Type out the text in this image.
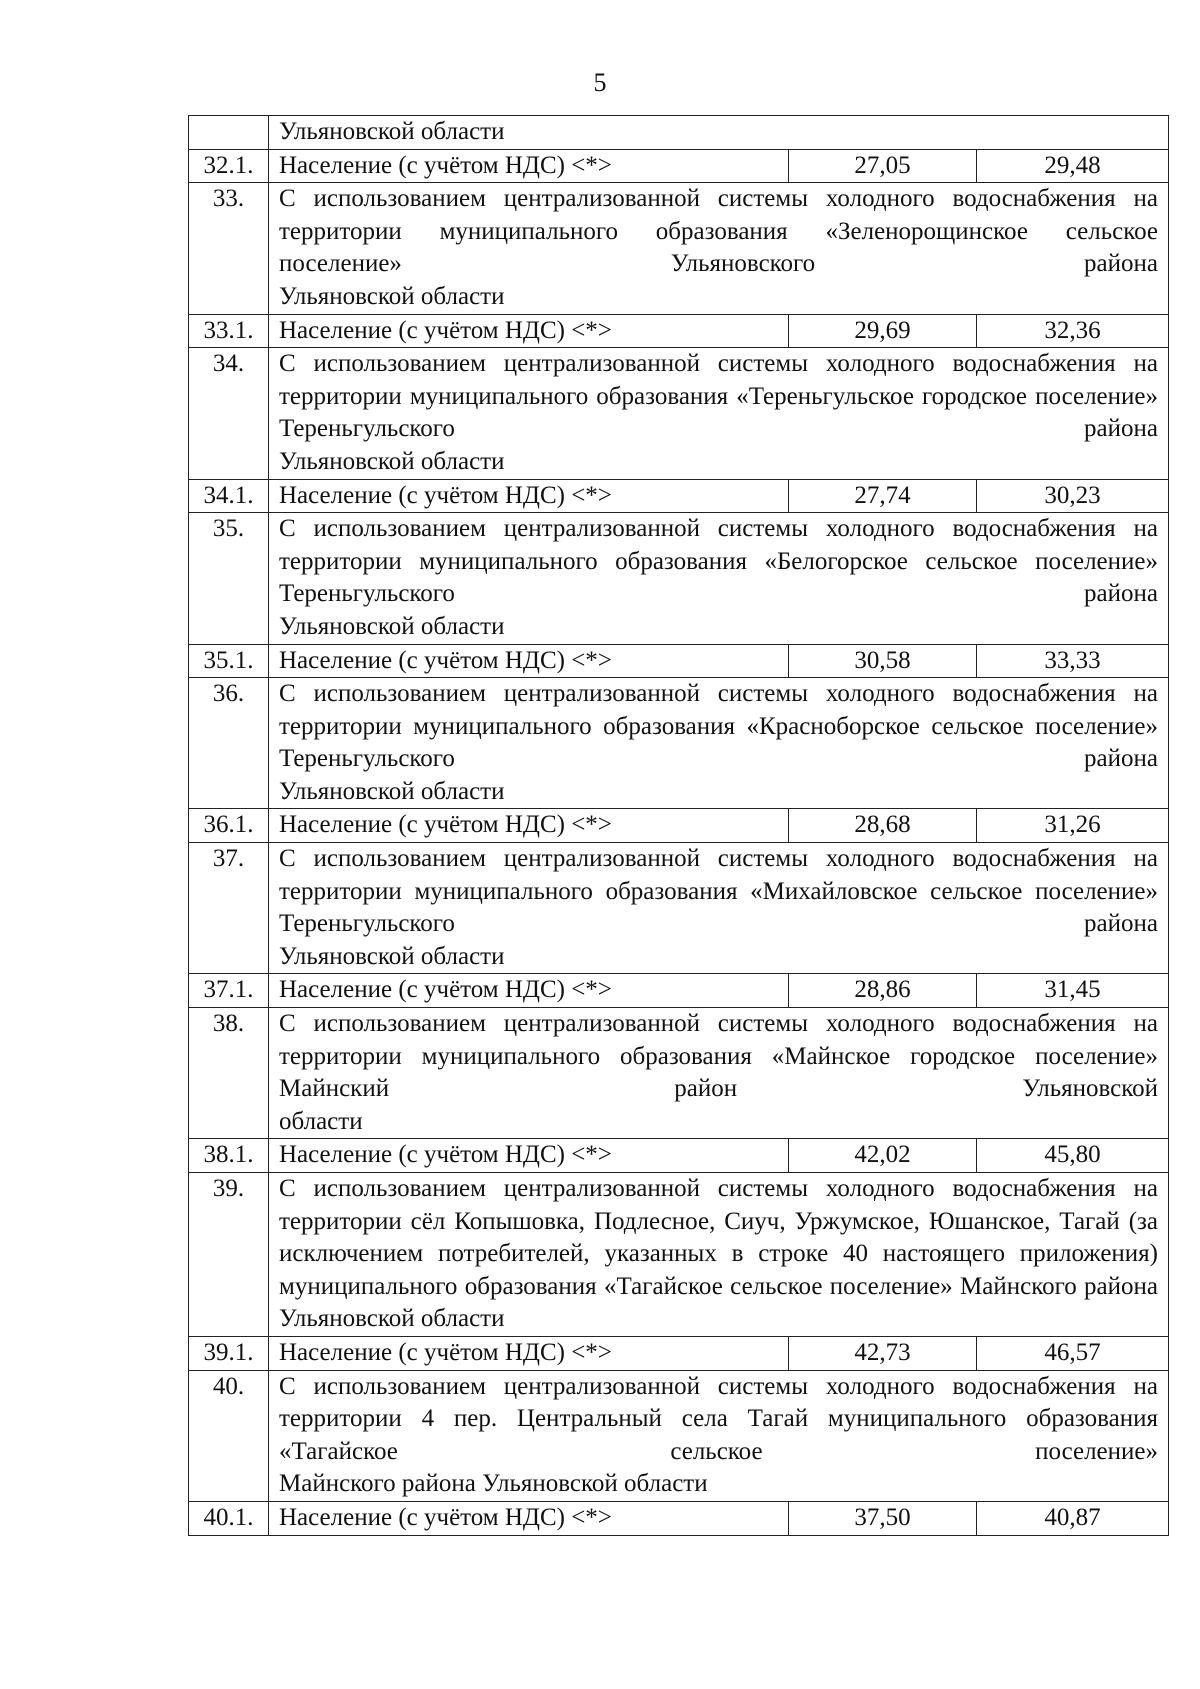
5
	Ульяновской области		
32.1.	Население (с учётом НДС) <*>	27,05	29,48
33.	С использованием централизованной системы холодного водоснабжения на территории муниципального образования «Зеленорощинское сельское поселение» Ульяновского района
Ульяновской области		

33.1.	Население (с учётом НДС) <*>	29,69	32,36
34.	С использованием централизованной системы холодного водоснабжения на территории муниципального образования «Тереньгульское городское поселение» Тереньгульского района
Ульяновской области		

34.1.	Население (с учётом НДС) <*>	27,74	30,23
35.	С использованием централизованной системы холодного водоснабжения на территории муниципального образования «Белогорское сельское поселение» Тереньгульского района
Ульяновской области		

35.1.	Население (с учётом НДС) <*>	30,58	33,33
36.	С использованием централизованной системы холодного водоснабжения на территории муниципального образования «Красноборское сельское поселение» Тереньгульского района
Ульяновской области		

36.1.	Население (с учётом НДС) <*>	28,68	31,26
37.	С использованием централизованной системы холодного водоснабжения на территории муниципального образования «Михайловское сельское поселение» Тереньгульского района
Ульяновской области		

37.1.	Население (с учётом НДС) <*>	28,86	31,45
38.	С использованием централизованной системы холодного водоснабжения на территории муниципального образования «Майнское городское поселение» Майнский район Ульяновской
области		

38.1.	Население (с учётом НДС) <*>	42,02	45,80
39.	С использованием централизованной системы холодного водоснабжения на территории сёл Копышовка, Подлесное, Сиуч, Уржумское, Юшанское, Тагай (за исключением потребителей, указанных в строке 40 настоящего приложения) муниципального образования «Тагайское сельское поселение» Майнского района
Ульяновской области		

39.1.	Население (с учётом НДС) <*>	42,73	46,57
40.	С использованием централизованной системы холодного водоснабжения на территории 4 пер. Центральный села Тагай муниципального образования «Тагайское сельское поселение»
Майнского района Ульяновской области		

40.1.	Население (с учётом НДС) <*>	37,50	40,87
